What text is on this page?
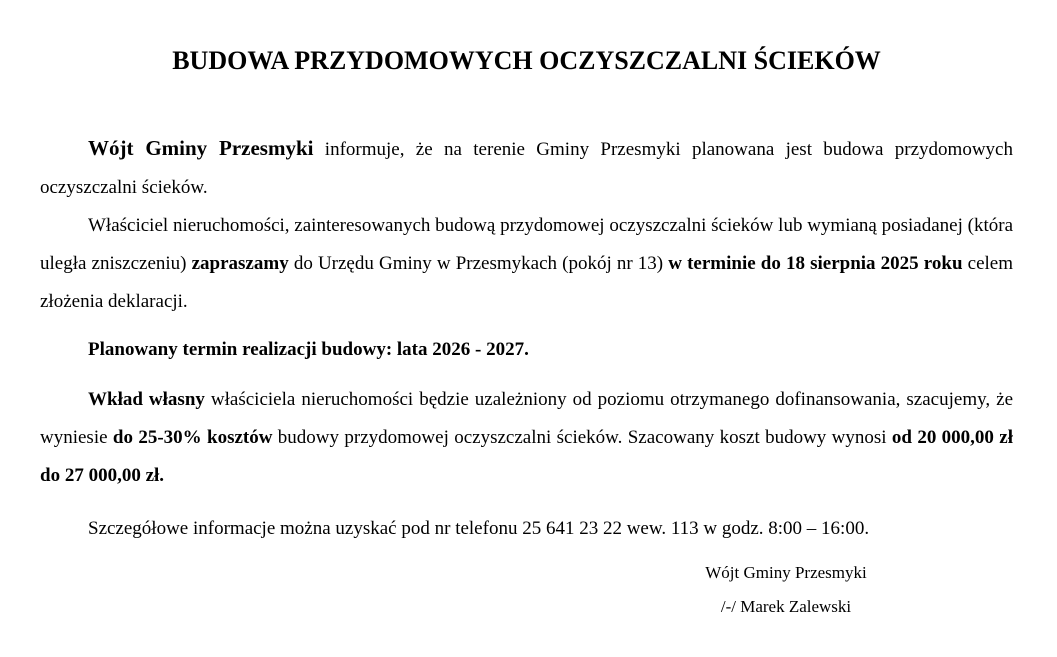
BUDOWA PRZYDOMOWYCH OCZYSZCZALNI ŚCIEKÓW

Wójt Gminy Przesmyki informuje, że na terenie Gminy Przesmyki planowana jest budowa przydomowych oczyszczalni ścieków.

Właściciel nieruchomości, zainteresowanych budową przydomowej oczyszczalni ścieków lub wymianą posiadanej (która uległa zniszczeniu) zapraszamy do Urzędu Gminy w Przesmykach (pokój nr 13) w terminie do 18 sierpnia 2025 roku celem złożenia deklaracji.

Planowany termin realizacji budowy: lata 2026 - 2027.

Wkład własny właściciela nieruchomości będzie uzależniony od poziomu otrzymanego dofinansowania, szacujemy, że wyniesie do 25-30% kosztów budowy przydomowej oczyszczalni ścieków. Szacowany koszt budowy wynosi od 20 000,00 zł do 27 000,00 zł.

Szczegółowe informacje można uzyskać pod nr telefonu 25 641 23 22 wew. 113 w godz. 8:00 – 16:00.

Wójt Gminy Przesmyki
/-/ Marek Zalewski
